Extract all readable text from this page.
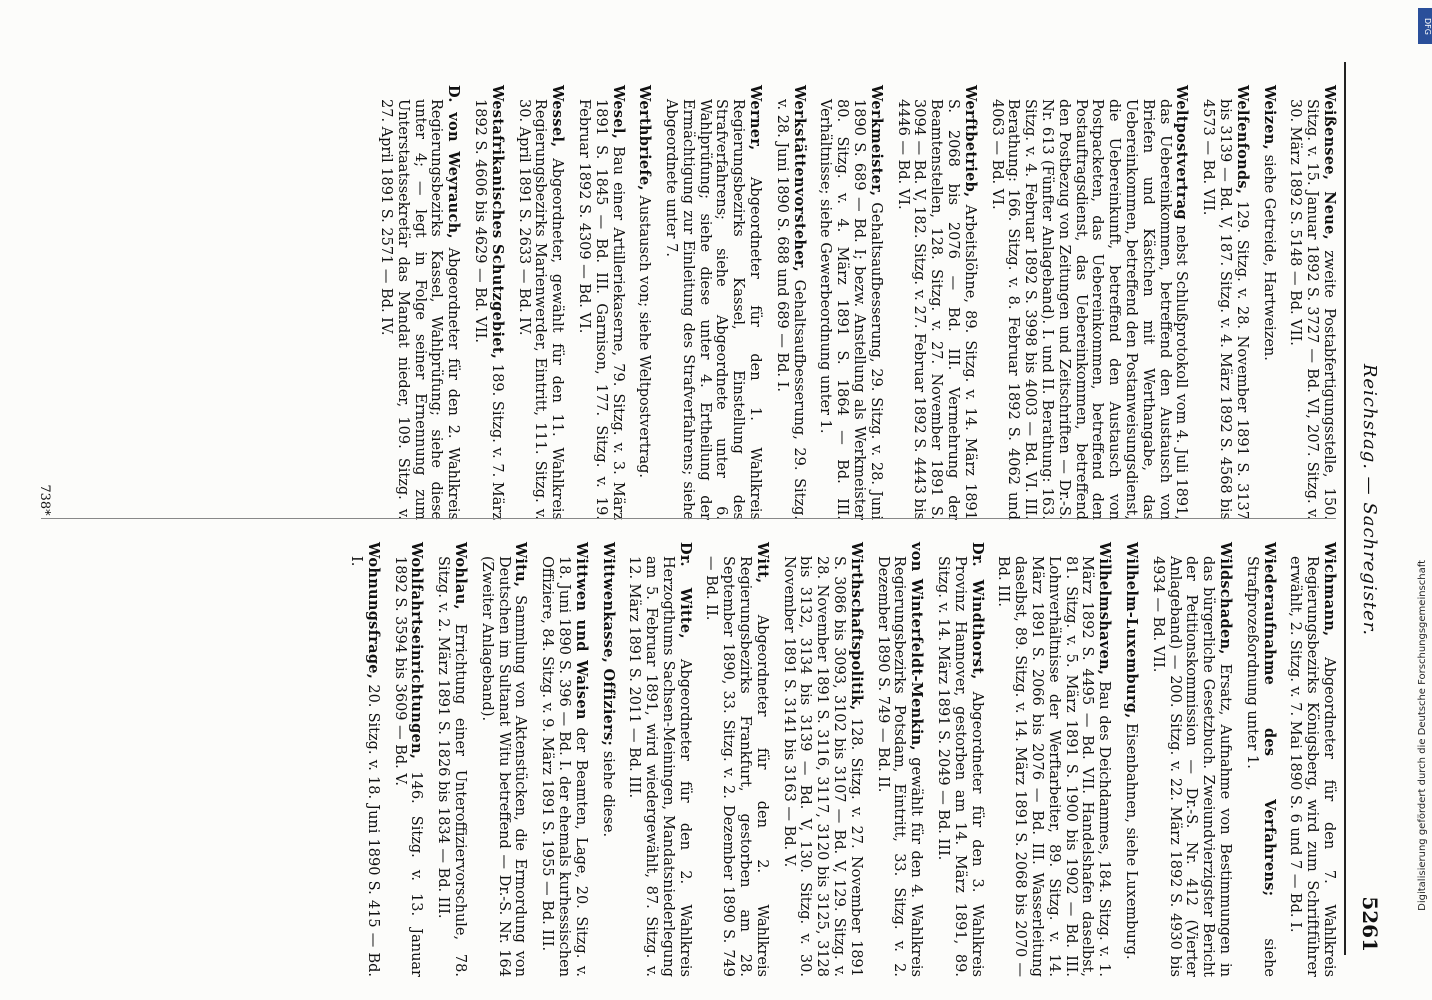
Reichstag. — Sachregister.
5261

Weißensee, Neue, zweite Postabfertigungsstelle, 150. Sitzg. v. 15. Januar 1892 S. 3727 — Bd. VI, 207. Sitzg. v. 30. März 1892 S. 5148 — Bd. VII.

Weizen, siehe Getreide, Hartweizen.

Welfenfonds, 129. Sitzg. v. 28. November 1891 S. 3137 bis 3139 — Bd. V, 187. Sitzg. v. 4. März 1892 S. 4568 bis 4573 — Bd. VII.

Weltpostvertrag nebst Schlußprotokoll vom 4. Juli 1891, das Uebereinkommen, betreffend den Austausch von Briefen und Kästchen mit Werthangabe, das Uebereinkommen, betreffend den Postanweisungsdienst, die Uebereinkunft, betreffend den Austausch von Postpacketen, das Uebereinkommen, betreffend den Postauftragsdienst, das Uebereinkommen, betreffend den Postbezug von Zeitungen und Zeitschriften — Dr.-S. Nr. 613 (Fünfter Anlageband). I. und II. Berathung: 163. Sitzg. v. 4. Februar 1892 S. 3998 bis 4003 — Bd. VI. III. Berathung: 166. Sitzg. v. 8. Februar 1892 S. 4062 und 4063 — Bd. VI.

Werftbetrieb, Arbeitslöhne, 89. Sitzg. v. 14. März 1891 S. 2068 bis 2076 — Bd. III. Vermehrung der Beamtenstellen, 128. Sitzg. v. 27. November 1891 S. 3094 — Bd. V, 182. Sitzg. v. 27. Februar 1892 S. 4443 bis 4446 — Bd. VI.

Werkmeister, Gehaltsaufbesserung, 29. Sitzg. v. 28. Juni 1890 S. 689 — Bd. I; bezw. Anstellung als Werkmeister 80. Sitzg. v. 4. März 1891 S. 1864 — Bd. III. Verhältnisse; siehe Gewerbeordnung unter 1.

Werkstättenvorsteher, Gehaltsaufbesserung, 29. Sitzg. v. 28. Juni 1890 S. 688 und 689 — Bd. I.

Werner, Abgeordneter für den 1. Wahlkreis Regierungsbezirks Kassel, Einstellung des Strafverfahrens; siehe Abgeordnete unter 6. Wahlprüfung; siehe diese unter 4. Ertheilung der Ermächtigung zur Einleitung des Strafverfahrens; siehe Abgeordnete unter 7.

Werthbriefe, Austausch von; siehe Weltpostvertrag.

Wesel, Bau einer Artilleriekaserne, 79. Sitzg. v. 3. März 1891 S. 1845 — Bd. III. Garnison, 177. Sitzg. v. 19. Februar 1892 S. 4309 — Bd. VI.

Wessel, Abgeordneter, gewählt für den 11. Wahlkreis Regierungsbezirks Marienwerder, Eintritt, 111. Sitzg. v. 30. April 1891 S. 2633 — Bd. IV.

Westafrikanisches Schutzgebiet, 189. Sitzg. v. 7. März 1892 S. 4606 bis 4629 — Bd. VII.

D. von Weyrauch, Abgeordneter für den 2. Wahlkreis Regierungsbezirks Kassel, Wahlprüfung; siehe diese unter 4; — legt in Folge seiner Ernennung zum Unterstaatssekretär das Mandat nieder, 109. Sitzg. v. 27. April 1891 S. 2571 — Bd. IV.

Wichmann, Abgeordneter für den 7. Wahlkreis Regierungsbezirks Königsberg, wird zum Schriftführer erwählt, 2. Sitzg. v. 7. Mai 1890 S. 6 und 7 — Bd. I.

Wiederaufnahme des Verfahrens; siehe Strafprozeßordnung unter 1.

Wildschaden, Ersatz, Aufnahme von Bestimmungen in das bürgerliche Gesetzbuch. Zweiundvierzigster Bericht der Petitionskommission — Dr.-S. Nr. 412 (Vierter Anlageband) — 200. Sitzg. v. 22. März 1892 S. 4930 bis 4934 — Bd. VII.

Wilhelm-Luxemburg, Eisenbahnen, siehe Luxemburg.

Wilhelmshaven, Bau des Deichdammes, 184. Sitzg. v. 1. März 1892 S. 4495 — Bd. VII. Handelshafen daselbst, 81. Sitzg. v. 5. März 1891 S. 1900 bis 1902 — Bd. III. Lohnverhältnisse der Werftarbeiter, 89. Sitzg. v. 14. März 1891 S. 2066 bis 2076 — Bd. III. Wasserleitung daselbst, 89. Sitzg. v. 14. März 1891 S. 2068 bis 2070 — Bd. III.

Dr. Windthorst, Abgeordneter für den 3. Wahlkreis Provinz Hannover, gestorben am 14. März 1891, 89. Sitzg. v. 14. März 1891 S. 2049 — Bd. III.

von Winterfeldt-Menkin, gewählt für den 4. Wahlkreis Regierungsbezirks Potsdam, Eintritt, 33. Sitzg. v. 2. Dezember 1890 S. 749 — Bd. II.

Wirthschaftspolitik, 128. Sitzg. v. 27. November 1891 S. 3086 bis 3093, 3102 bis 3107 — Bd. V, 129. Sitzg. v. 28. November 1891 S. 3116, 3117, 3120 bis 3125, 3128 bis 3132, 3134 bis 3139 — Bd. V, 130. Sitzg. v. 30. November 1891 S. 3141 bis 3163 — Bd. V.

Witt, Abgeordneter für den 2. Wahlkreis Regierungsbezirks Frankfurt, gestorben am 28. September 1890, 33. Sitzg. v. 2. Dezember 1890 S. 749 — Bd. II.

Dr. Witte, Abgeordneter für den 2. Wahlkreis Herzogthums Sachsen-Meiningen, Mandatsniederlegung am 5. Februar 1891, wird wiedergewählt, 87. Sitzg. v. 12. März 1891 S. 2011 — Bd. III.

Wittwenkasse, Offiziers; siehe diese.

Wittwen und Waisen der Beamten, Lage, 20. Sitzg. v. 18. Juni 1890 S. 396 — Bd. I. der ehemals kurhessischen Offiziere, 84. Sitzg. v. 9. März 1891 S. 1955 — Bd. III.

Witu, Sammlung von Aktenstücken, die Ermordung von Deutschen im Sultanat Witu betreffend — Dr.-S. Nr. 164 (Zweiter Anlageband).

Wohlau, Errichtung einer Unteroffiziervorschule, 78. Sitzg. v. 2. März 1891 S. 1826 bis 1834 — Bd. III.

Wohlfahrtseinrichtungen, 146. Sitzg. v. 13. Januar 1892 S. 3594 bis 3609 — Bd. V.

Wohnungsfrage, 20. Sitzg. v. 18. Juni 1890 S. 415 — Bd. I.

738*
DFG
Digitalisierung gefördert durch die Deutsche Forschungsgemeinschaft
